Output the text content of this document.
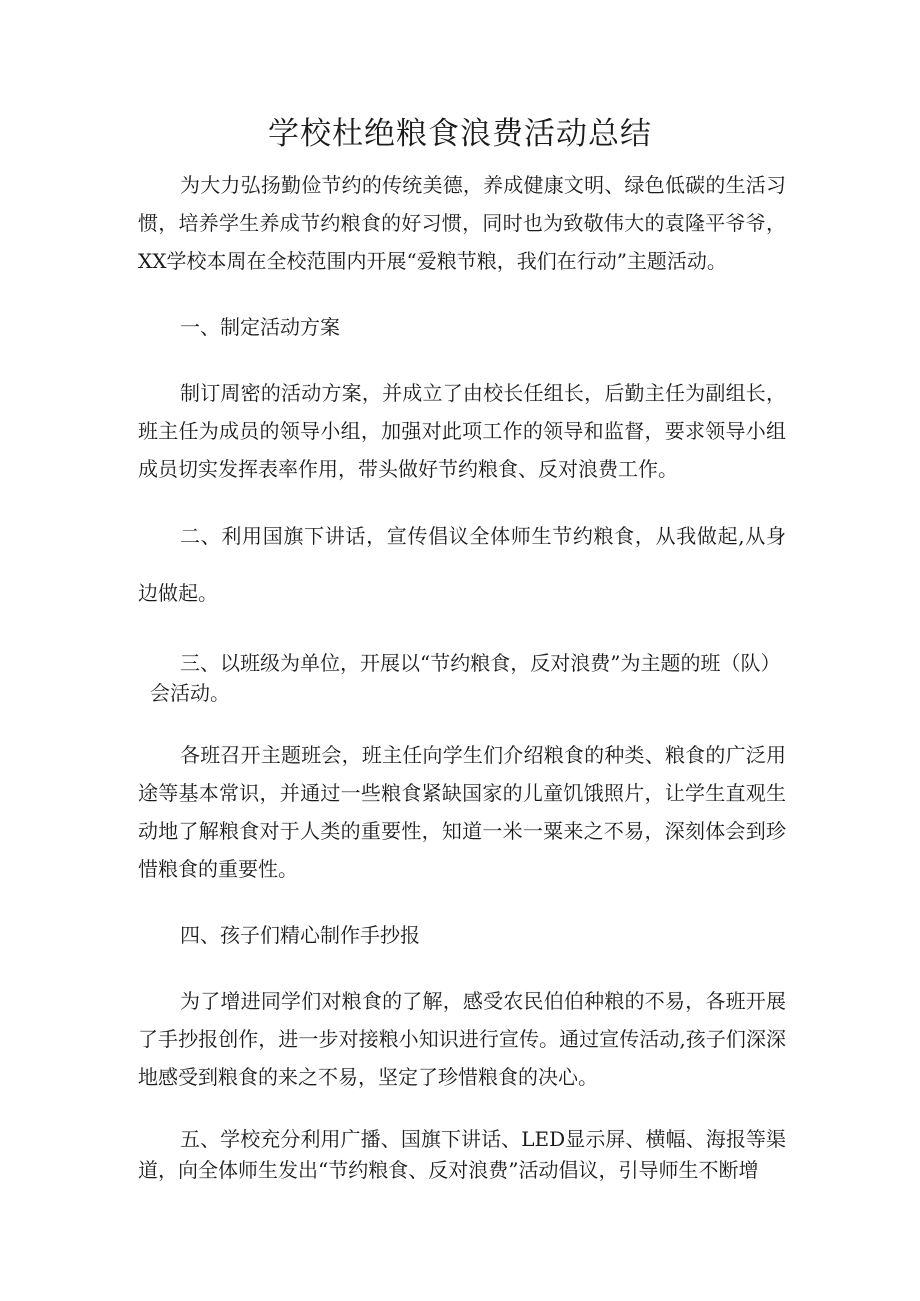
学校杜绝粮食浪费活动总结

为大力弘扬勤俭节约的传统美德，养成健康文明、绿色低碳的生活习惯，培养学生养成节约粮食的好习惯，同时也为致敬伟大的袁隆平爷爷，XX学校本周在全校范围内开展“爱粮节粮，我们在行动”主题活动。

一、制定活动方案

制订周密的活动方案，并成立了由校长任组长，后勤主任为副组长，班主任为成员的领导小组，加强对此项工作的领导和监督，要求领导小组成员切实发挥表率作用，带头做好节约粮食、反对浪费工作。

二、利用国旗下讲话，宣传倡议全体师生节约粮食，从我做起,从身边做起。

三、以班级为单位，开展以“节约粮食，反对浪费”为主题的班（队）

会活动。

各班召开主题班会，班主任向学生们介绍粮食的种类、粮食的广泛用途等基本常识，并通过一些粮食紧缺国家的儿童饥饿照片，让学生直观生动地了解粮食对于人类的重要性，知道一米一粟来之不易，深刻体会到珍惜粮食的重要性。

四、孩子们精心制作手抄报

为了增进同学们对粮食的了解，感受农民伯伯种粮的不易，各班开展了手抄报创作，进一步对接粮小知识进行宣传。通过宣传活动,孩子们深深地感受到粮食的来之不易，坚定了珍惜粮食的决心。

五、学校充分利用广播、国旗下讲话、LED显示屏、横幅、海报等渠道，向全体师生发出“节约粮食、反对浪费”活动倡议，引导师生不断增
